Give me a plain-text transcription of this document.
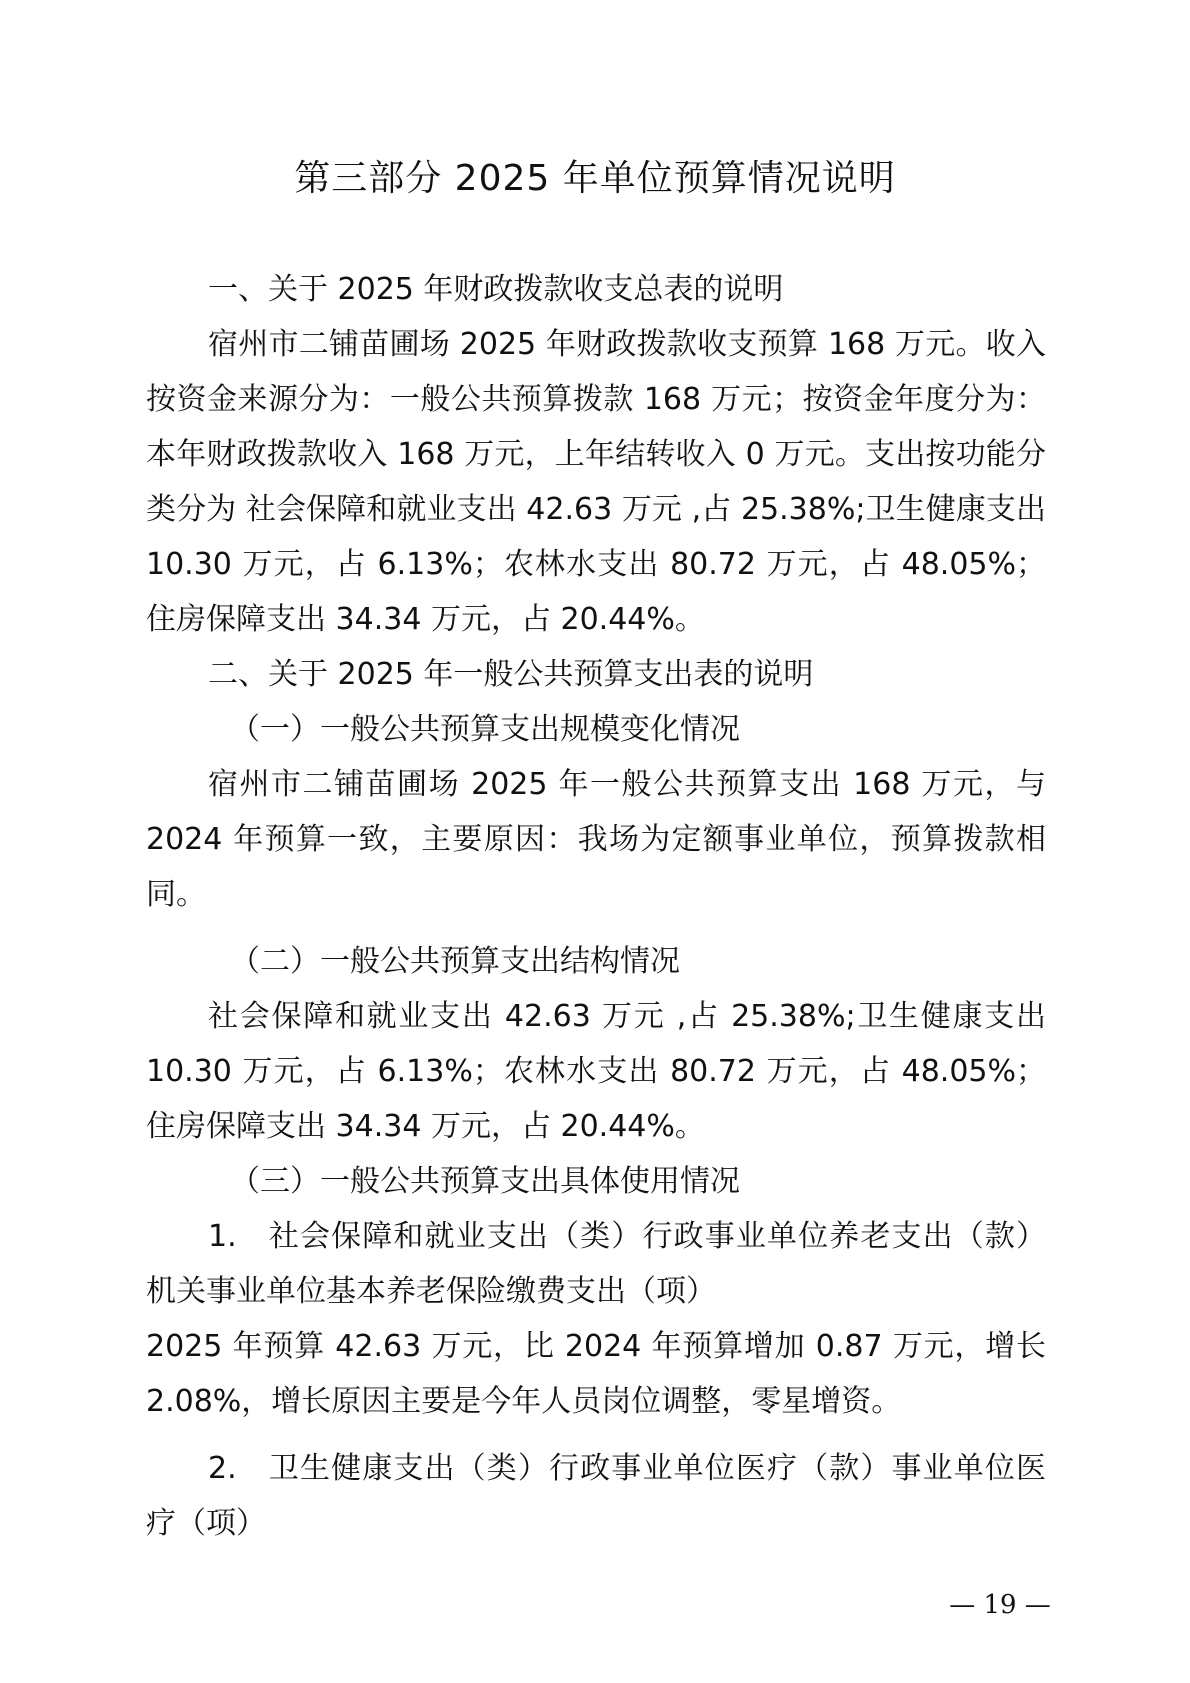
第三部分 2025 年单位预算情况说明

一、关于 2025 年财政拨款收支总表的说明

宿州市二铺苗圃场 2025 年财政拨款收支预算 168 万元。收入按资金来源分为：一般公共预算拨款 168 万元；按资金年度分为：本年财政拨款收入 168 万元，上年结转收入 0 万元。支出按功能分类分为 社会保障和就业支出 42.63 万元 ,占 25.38%;卫生健康支出 10.30 万元，占 6.13%；农林水支出 80.72 万元，占 48.05%；住房保障支出 34.34 万元，占 20.44%。

二、关于 2025 年一般公共预算支出表的说明

（一）一般公共预算支出规模变化情况

宿州市二铺苗圃场 2025 年一般公共预算支出 168 万元，与 2024 年预算一致，主要原因：我场为定额事业单位，预算拨款相同。

（二）一般公共预算支出结构情况

社会保障和就业支出 42.63 万元 ,占 25.38%;卫生健康支出 10.30 万元，占 6.13%；农林水支出 80.72 万元，占 48.05%；住房保障支出 34.34 万元，占 20.44%。

（三）一般公共预算支出具体使用情况

1.　社会保障和就业支出（类）行政事业单位养老支出（款）机关事业单位基本养老保险缴费支出（项）

2025 年预算 42.63 万元，比 2024 年预算增加 0.87 万元，增长 2.08%，增长原因主要是今年人员岗位调整，零星增资。

2.　卫生健康支出（类）行政事业单位医疗（款）事业单位医疗（项）

— 19 —
